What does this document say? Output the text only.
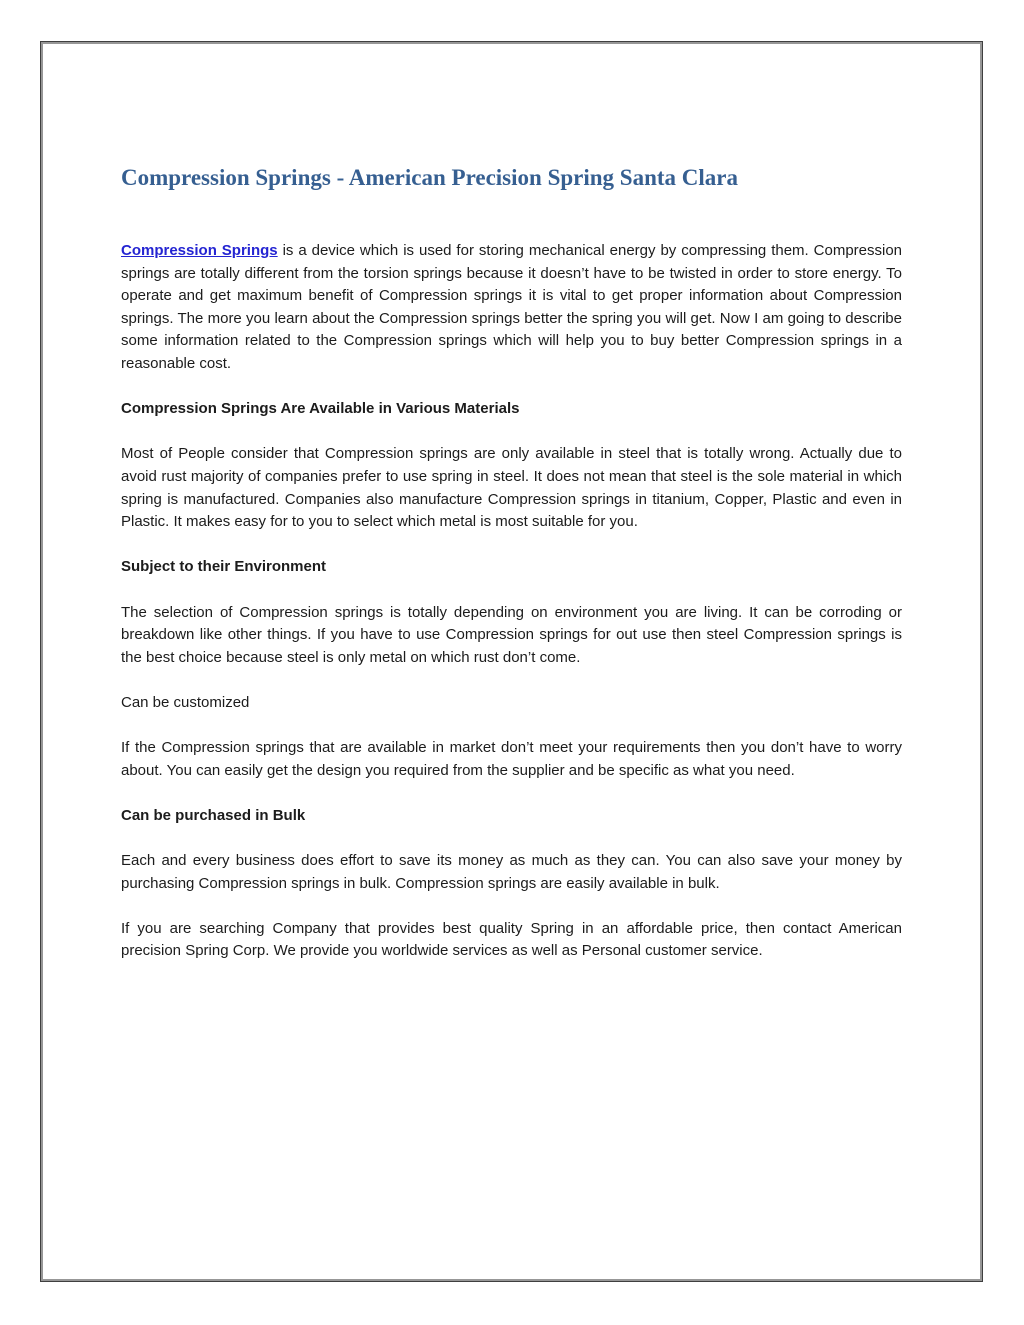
Compression Springs - American Precision Spring Santa Clara

Compression Springs is a device which is used for storing mechanical energy by compressing them. Compression springs are totally different from the torsion springs because it doesn’t have to be twisted in order to store energy. To operate and get maximum benefit of Compression springs it is vital to get proper information about Compression springs. The more you learn about the Compression springs better the spring you will get. Now I am going to describe some information related to the Compression springs which will help you to buy better Compression springs in a reasonable cost.

Compression Springs Are Available in Various Materials

Most of People consider that Compression springs are only available in steel that is totally wrong. Actually due to avoid rust majority of companies prefer to use spring in steel. It does not mean that steel is the sole material in which spring is manufactured. Companies also manufacture Compression springs in titanium, Copper, Plastic and even in Plastic. It makes easy for to you to select which metal is most suitable for you.

Subject to their Environment

The selection of Compression springs is totally depending on environment you are living. It can be corroding or breakdown like other things. If you have to use Compression springs for out use then steel Compression springs is the best choice because steel is only metal on which rust don’t come.

Can be customized

If the Compression springs that are available in market don’t meet your requirements then you don’t have to worry about. You can easily get the design you required from the supplier and be specific as what you need.

Can be purchased in Bulk

Each and every business does effort to save its money as much as they can. You can also save your money by purchasing Compression springs in bulk. Compression springs are easily available in bulk.

If you are searching Company that provides best quality Spring in an affordable price, then contact American precision Spring Corp. We provide you worldwide services as well as Personal customer service.
